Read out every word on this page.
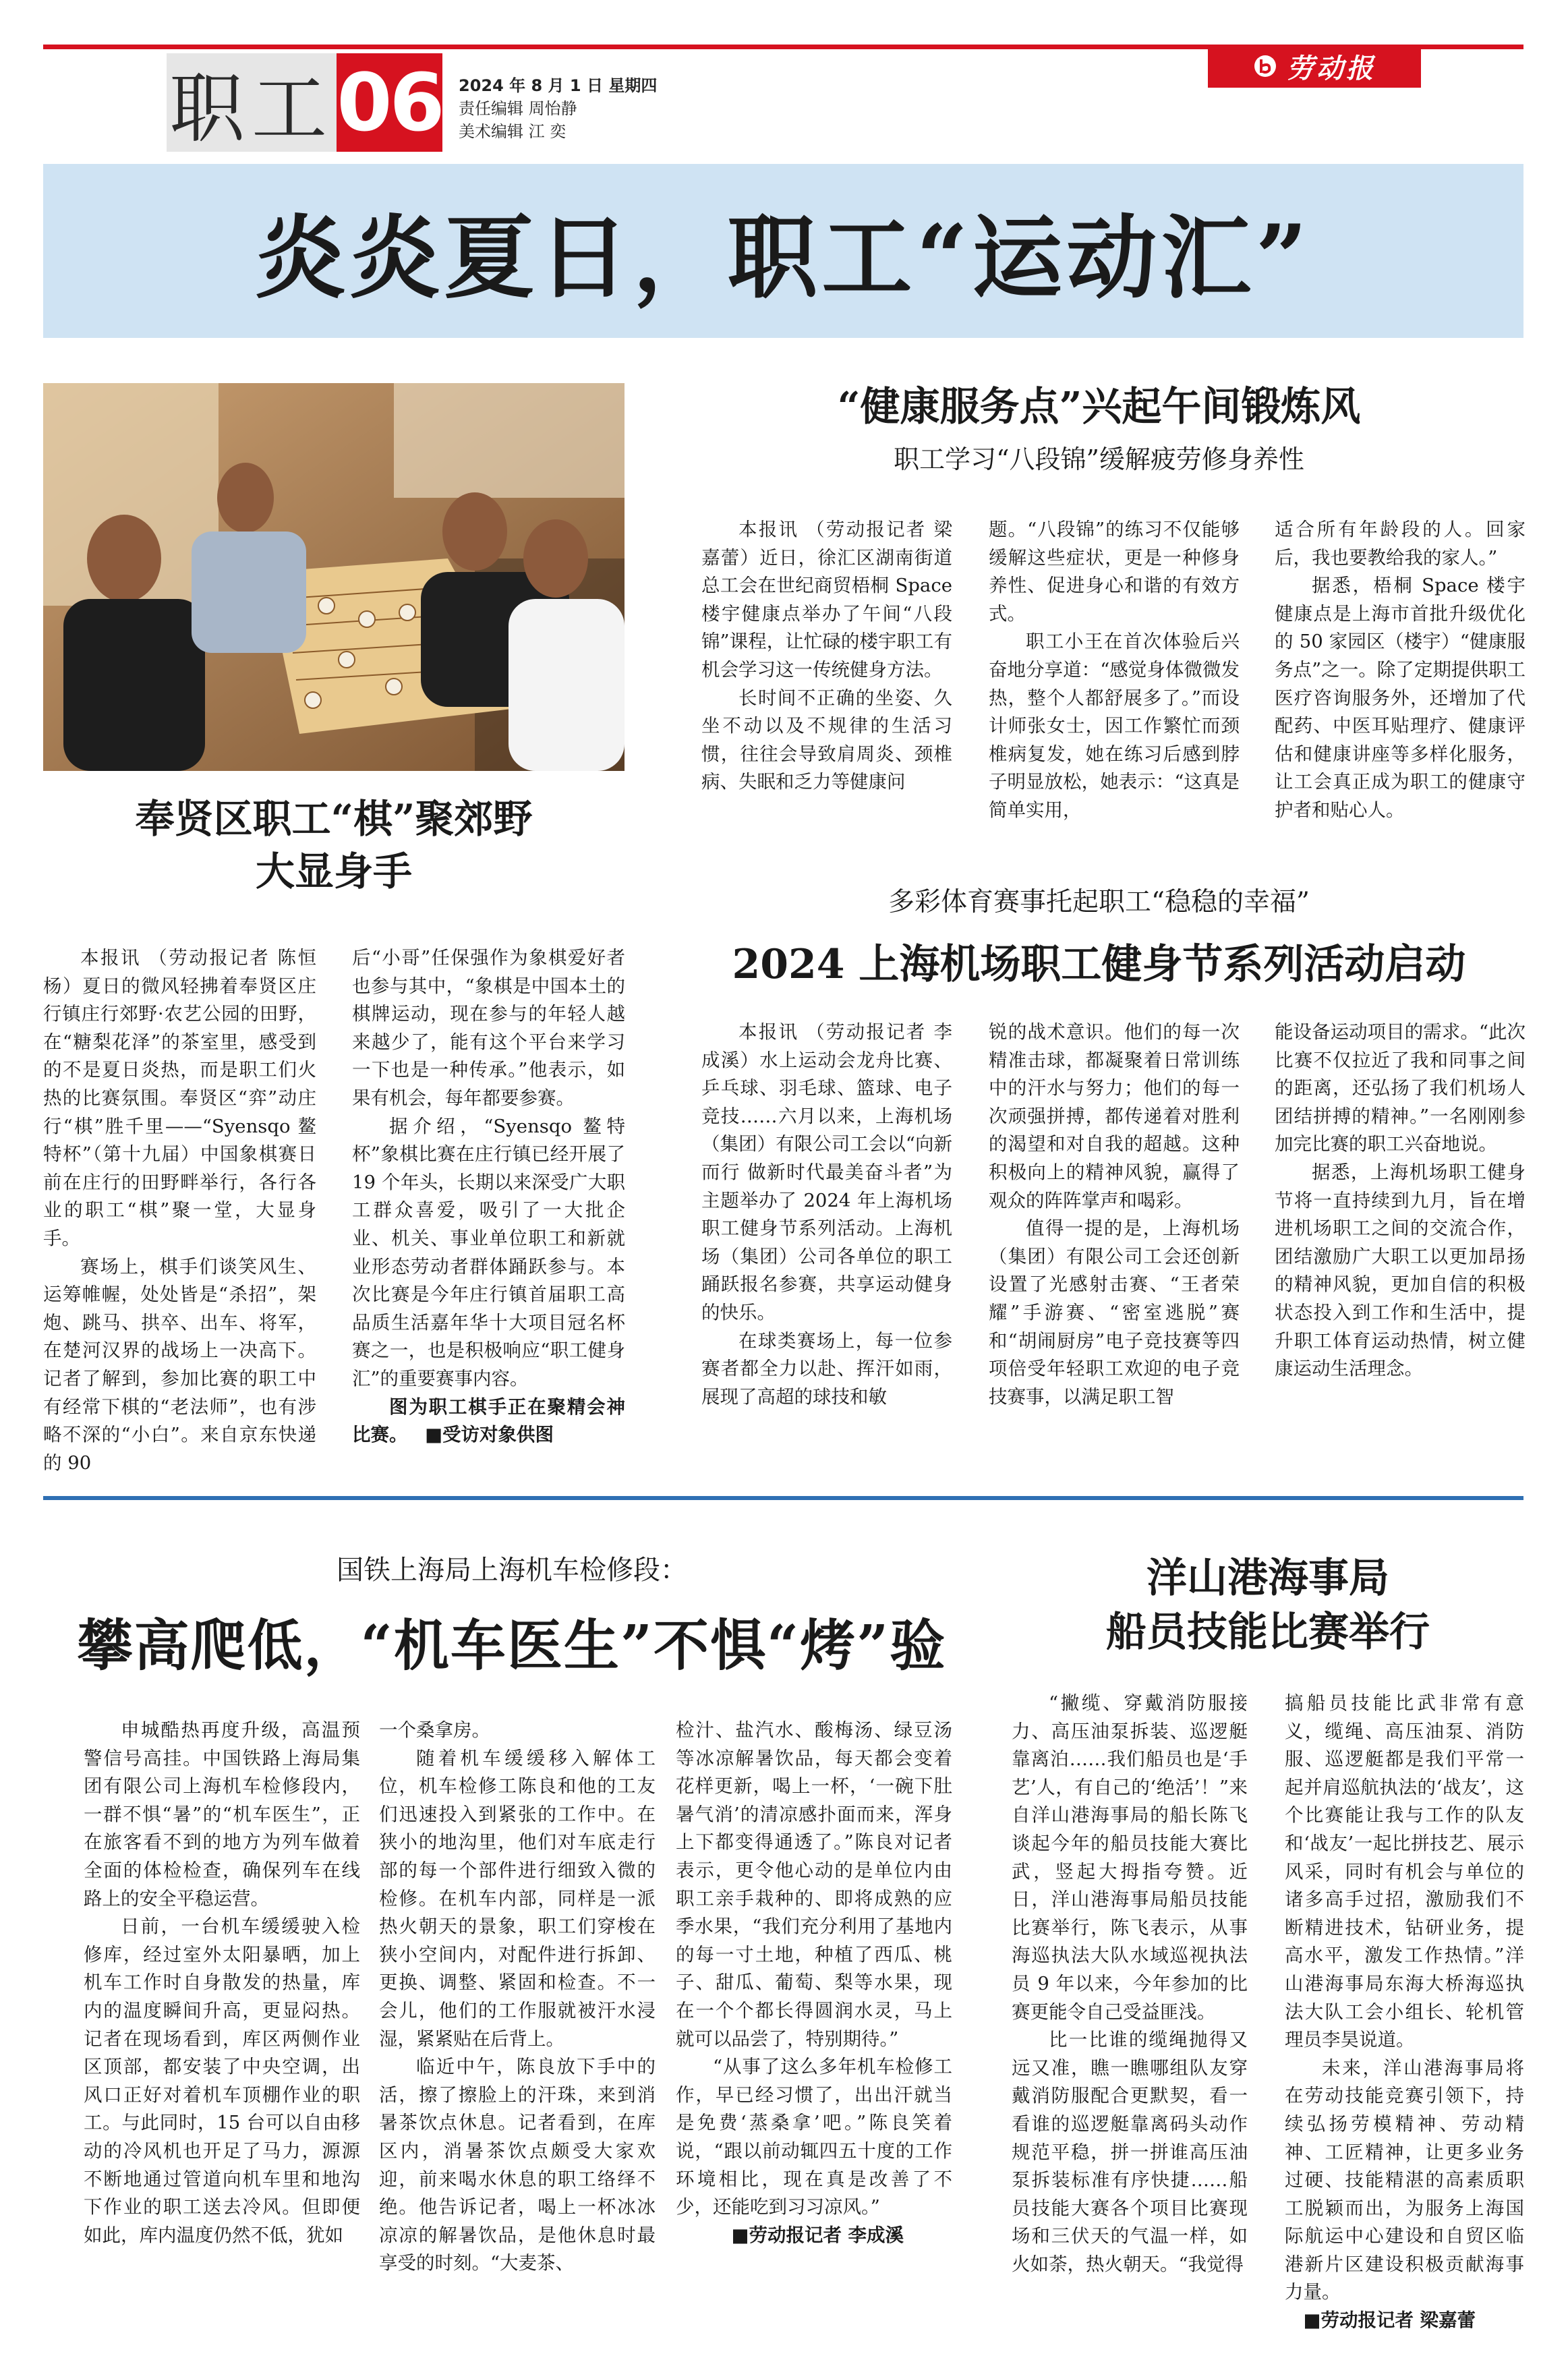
职工 06 2024 年 8 月 1 日 星期四
责任编辑 周怡静
美术编辑 江 奕
劳动报
炎炎夏日，职工“运动汇”
奉贤区职工“棋”聚郊野
大显身手

本报讯 （劳动报记者 陈恒杨）夏日的微风轻拂着奉贤区庄行镇庄行郊野·农艺公园的田野，在“糖梨花泽”的茶室里，感受到的不是夏日炎热，而是职工们火热的比赛氛围。奉贤区“弈”动庄行“棋”胜千里——“Syensqo 鳌特杯”（第十九届）中国象棋赛日前在庄行的田野畔举行，各行各业的职工“棋”聚一堂，大显身手。

赛场上，棋手们谈笑风生、运筹帷幄，处处皆是“杀招”，架炮、跳马、拱卒、出车、将军，在楚河汉界的战场上一决高下。记者了解到，参加比赛的职工中有经常下棋的“老法师”，也有涉略不深的“小白”。来自京东快递的 90

后“小哥”任保强作为象棋爱好者也参与其中，“象棋是中国本土的棋牌运动，现在参与的年轻人越来越少了，能有这个平台来学习一下也是一种传承。”他表示，如果有机会，每年都要参赛。

据介绍，“Syensqo 鳌特杯”象棋比赛在庄行镇已经开展了 19 个年头，长期以来深受广大职工群众喜爱，吸引了一大批企业、机关、事业单位职工和新就业形态劳动者群体踊跃参与。本次比赛是今年庄行镇首届职工高品质生活嘉年华十大项目冠名杯赛之一，也是积极响应“职工健身汇”的重要赛事内容。

图为职工棋手正在聚精会神比赛。 ■受访对象供图

“健康服务点”兴起午间锻炼风
职工学习“八段锦”缓解疲劳修身养性

本报讯 （劳动报记者 梁嘉蕾）近日，徐汇区湖南街道总工会在世纪商贸梧桐 Space 楼宇健康点举办了午间“八段锦”课程，让忙碌的楼宇职工有机会学习这一传统健身方法。

长时间不正确的坐姿、久坐不动以及不规律的生活习惯，往往会导致肩周炎、颈椎病、失眠和乏力等健康问

题。“八段锦”的练习不仅能够缓解这些症状，更是一种修身养性、促进身心和谐的有效方式。

职工小王在首次体验后兴奋地分享道：“感觉身体微微发热，整个人都舒展多了。”而设计师张女士，因工作繁忙而颈椎病复发，她在练习后感到脖子明显放松，她表示：“这真是简单实用，

适合所有年龄段的人。回家后，我也要教给我的家人。”

据悉，梧桐 Space 楼宇健康点是上海市首批升级优化的 50 家园区（楼宇）“健康服务点”之一。除了定期提供职工医疗咨询服务外，还增加了代配药、中医耳贴理疗、健康评估和健康讲座等多样化服务，让工会真正成为职工的健康守护者和贴心人。

多彩体育赛事托起职工“稳稳的幸福”
2024 上海机场职工健身节系列活动启动

本报讯 （劳动报记者 李成溪）水上运动会龙舟比赛、乒乓球、羽毛球、篮球、电子竞技……六月以来，上海机场（集团）有限公司工会以“向新而行 做新时代最美奋斗者”为主题举办了 2024 年上海机场职工健身节系列活动。上海机场（集团）公司各单位的职工踊跃报名参赛，共享运动健身的快乐。

在球类赛场上，每一位参赛者都全力以赴、挥汗如雨，展现了高超的球技和敏

锐的战术意识。他们的每一次精准击球，都凝聚着日常训练中的汗水与努力；他们的每一次顽强拼搏，都传递着对胜利的渴望和对自我的超越。这种积极向上的精神风貌，赢得了观众的阵阵掌声和喝彩。

值得一提的是，上海机场（集团）有限公司工会还创新设置了光感射击赛、“王者荣耀”手游赛、“密室逃脱”赛和“胡闹厨房”电子竞技赛等四项倍受年轻职工欢迎的电子竞技赛事，以满足职工智

能设备运动项目的需求。“此次比赛不仅拉近了我和同事之间的距离，还弘扬了我们机场人团结拼搏的精神。”一名刚刚参加完比赛的职工兴奋地说。

据悉，上海机场职工健身节将一直持续到九月，旨在增进机场职工之间的交流合作，团结激励广大职工以更加昂扬的精神风貌，更加自信的积极状态投入到工作和生活中，提升职工体育运动热情，树立健康运动生活理念。

国铁上海局上海机车检修段：
攀高爬低，“机车医生”不惧“烤”验

申城酷热再度升级，高温预警信号高挂。中国铁路上海局集团有限公司上海机车检修段内，一群不惧“暑”的“机车医生”，正在旅客看不到的地方为列车做着全面的体检检查，确保列车在线路上的安全平稳运营。

日前，一台机车缓缓驶入检修库，经过室外太阳暴晒，加上机车工作时自身散发的热量，库内的温度瞬间升高，更显闷热。记者在现场看到，库区两侧作业区顶部，都安装了中央空调，出风口正好对着机车顶棚作业的职工。与此同时，15 台可以自由移动的冷风机也开足了马力，源源不断地通过管道向机车里和地沟下作业的职工送去冷风。但即便如此，库内温度仍然不低，犹如

一个桑拿房。

随着机车缓缓移入解体工位，机车检修工陈良和他的工友们迅速投入到紧张的工作中。在狭小的地沟里，他们对车底走行部的每一个部件进行细致入微的检修。在机车内部，同样是一派热火朝天的景象，职工们穿梭在狭小空间内，对配件进行拆卸、更换、调整、紧固和检查。不一会儿，他们的工作服就被汗水浸湿，紧紧贴在后背上。

临近中午，陈良放下手中的活，擦了擦脸上的汗珠，来到消暑茶饮点休息。记者看到，在库区内，消暑茶饮点颇受大家欢迎，前来喝水休息的职工络绎不绝。他告诉记者，喝上一杯冰冰凉凉的解暑饮品，是他休息时最享受的时刻。“大麦茶、

检汁、盐汽水、酸梅汤、绿豆汤等冰凉解暑饮品，每天都会变着花样更新，喝上一杯，‘一碗下肚暑气消’的清凉感扑面而来，浑身上下都变得通透了。”陈良对记者表示，更令他心动的是单位内由职工亲手栽种的、即将成熟的应季水果，“我们充分利用了基地内的每一寸土地，种植了西瓜、桃子、甜瓜、葡萄、梨等水果，现在一个个都长得圆润水灵，马上就可以品尝了，特别期待。”

“从事了这么多年机车检修工作，早已经习惯了，出出汗就当是免费‘蒸桑拿’吧。”陈良笑着说，“跟以前动辄四五十度的工作环境相比，现在真是改善了不少，还能吃到习习凉风。”

■劳动报记者 李成溪

洋山港海事局
船员技能比赛举行

“撇缆、穿戴消防服接力、高压油泵拆装、巡逻艇靠离泊……我们船员也是‘手艺’人，有自己的‘绝活’！”来自洋山港海事局的船长陈飞谈起今年的船员技能大赛比武，竖起大拇指夸赞。近日，洋山港海事局船员技能比赛举行，陈飞表示，从事海巡执法大队水域巡视执法员 9 年以来，今年参加的比赛更能令自己受益匪浅。

比一比谁的缆绳抛得又远又准，瞧一瞧哪组队友穿戴消防服配合更默契，看一看谁的巡逻艇靠离码头动作规范平稳，拼一拼谁高压油泵拆装标准有序快捷……船员技能大赛各个项目比赛现场和三伏天的气温一样，如火如荼，热火朝天。“我觉得

搞船员技能比武非常有意义，缆绳、高压油泵、消防服、巡逻艇都是我们平常一起并肩巡航执法的‘战友’，这个比赛能让我与工作的队友和‘战友’一起比拼技艺、展示风采，同时有机会与单位的诸多高手过招，激励我们不断精进技术，钻研业务，提高水平，激发工作热情。”洋山港海事局东海大桥海巡执法大队工会小组长、轮机管理员李昊说道。

未来，洋山港海事局将在劳动技能竞赛引领下，持续弘扬劳模精神、劳动精神、工匠精神，让更多业务过硬、技能精湛的高素质职工脱颖而出，为服务上海国际航运中心建设和自贸区临港新片区建设积极贡献海事力量。

■劳动报记者 梁嘉蕾
